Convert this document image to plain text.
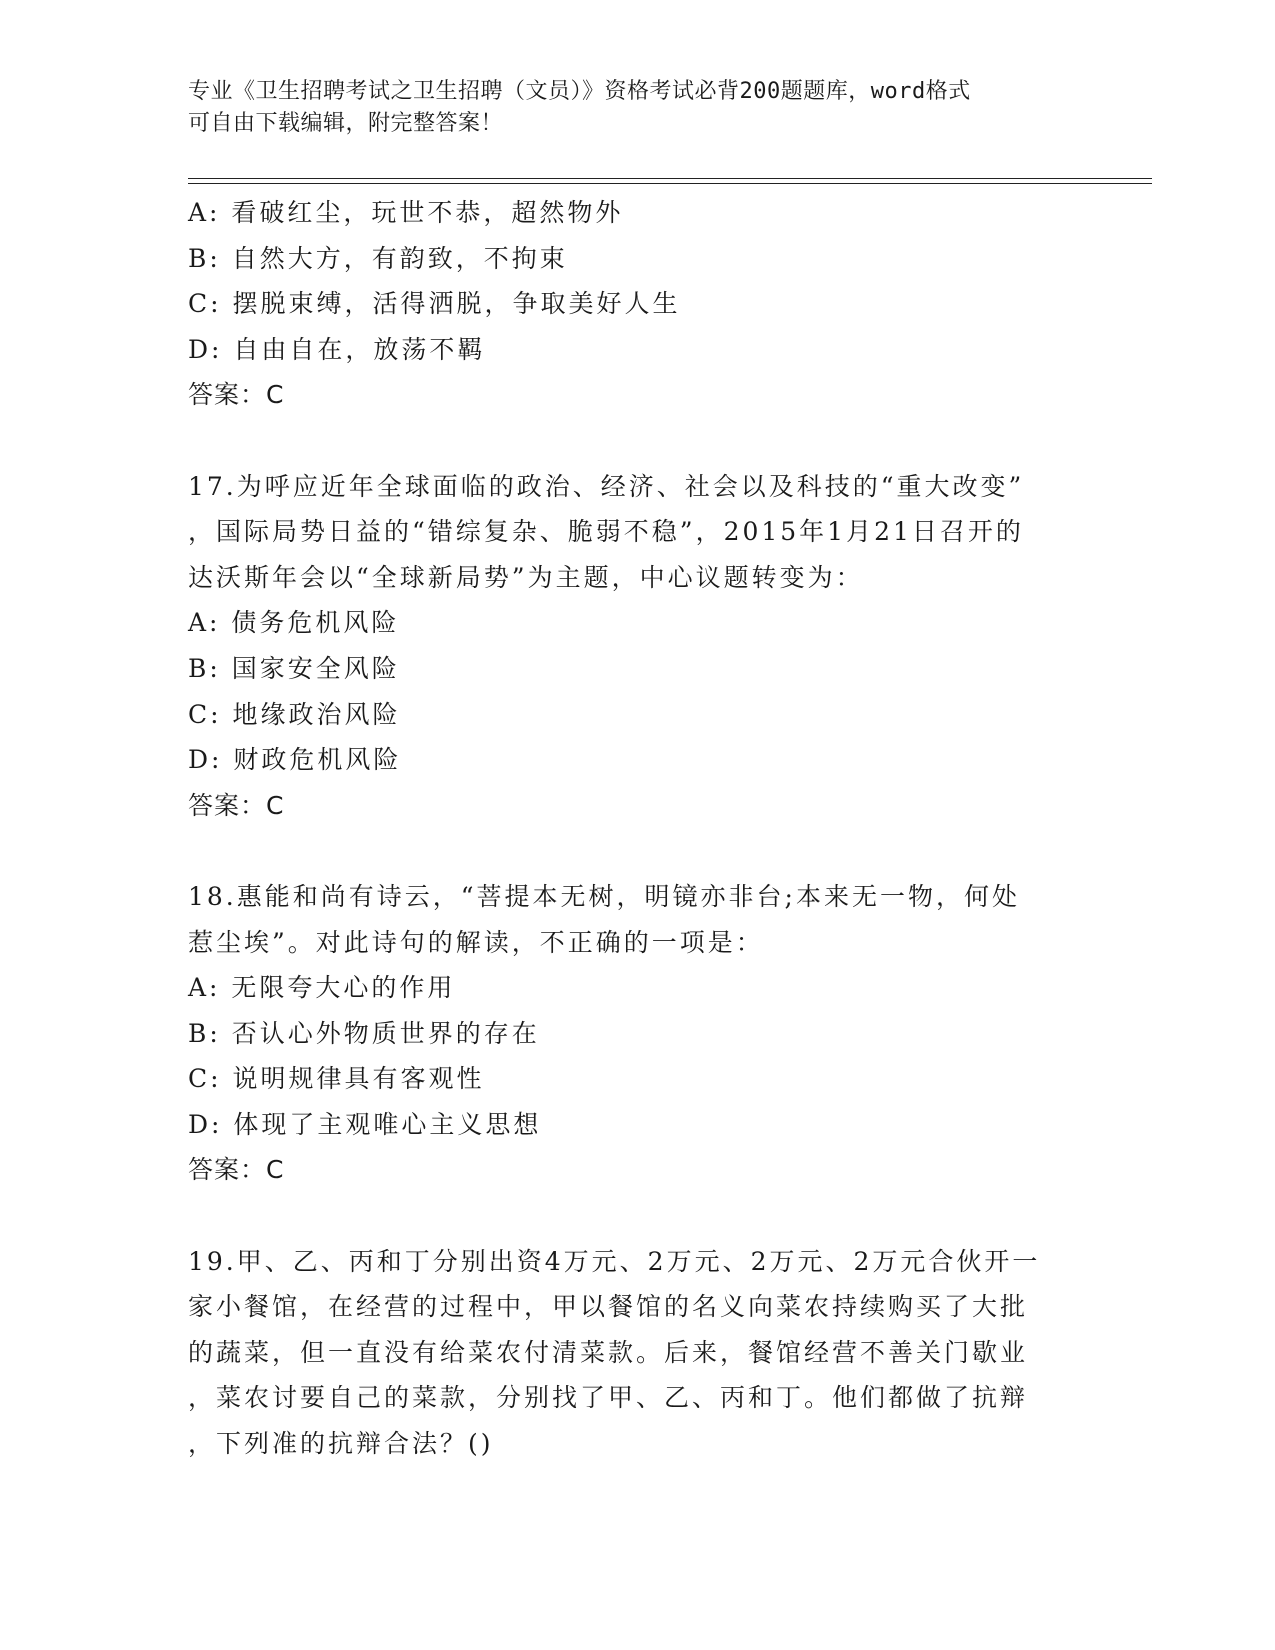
专业《卫生招聘考试之卫生招聘（文员）》资格考试必背200题题库，word格式
可自由下载编辑，附完整答案！
A: 看破红尘，玩世不恭，超然物外
B: 自然大方，有韵致，不拘束
C: 摆脱束缚，活得洒脱，争取美好人生
D: 自由自在，放荡不羁
答案：C
17.为呼应近年全球面临的政治、经济、社会以及科技的“重大改变”
，国际局势日益的“错综复杂、脆弱不稳”，2015年1月21日召开的
达沃斯年会以“全球新局势”为主题，中心议题转变为：
A: 债务危机风险
B: 国家安全风险
C: 地缘政治风险
D: 财政危机风险
答案：C
18.惠能和尚有诗云，“菩提本无树，明镜亦非台;本来无一物，何处
惹尘埃”。对此诗句的解读，不正确的一项是：
A: 无限夸大心的作用
B: 否认心外物质世界的存在
C: 说明规律具有客观性
D: 体现了主观唯心主义思想
答案：C
19.甲、乙、丙和丁分别出资4万元、2万元、2万元、2万元合伙开一
家小餐馆，在经营的过程中，甲以餐馆的名义向菜农持续购买了大批
的蔬菜，但一直没有给菜农付清菜款。后来，餐馆经营不善关门歇业
，菜农讨要自己的菜款，分别找了甲、乙、丙和丁。他们都做了抗辩
，下列准的抗辩合法？()
